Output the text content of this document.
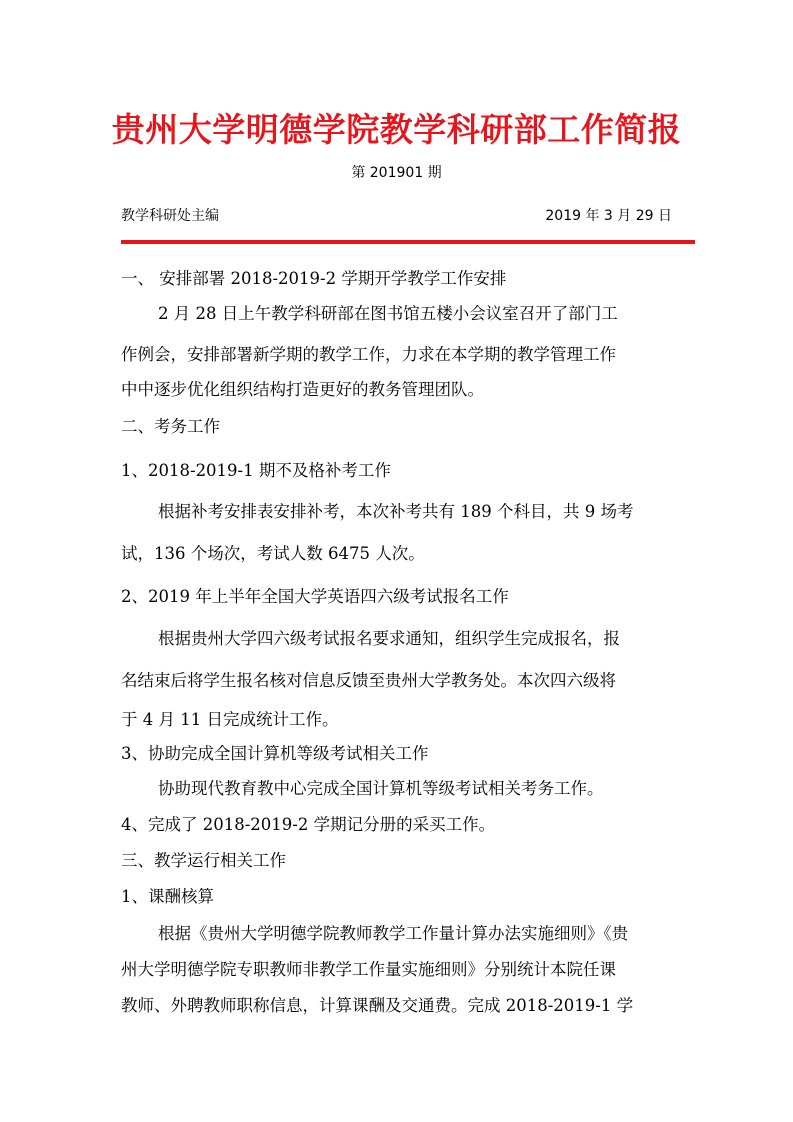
贵州大学明德学院教学科研部工作简报
第 201901 期
教学科研处主编	2019 年 3 月 29 日
一、 安排部署 2018-2019-2 学期开学教学工作安排
2 月 28 日上午教学科研部在图书馆五楼小会议室召开了部门工
作例会，安排部署新学期的教学工作，力求在本学期的教学管理工作
中中逐步优化组织结构打造更好的教务管理团队。
二、考务工作
1、2018-2019-1 期不及格补考工作
根据补考安排表安排补考，本次补考共有 189 个科目，共 9 场考
试，136 个场次，考试人数 6475 人次。
2、2019 年上半年全国大学英语四六级考试报名工作
根据贵州大学四六级考试报名要求通知，组织学生完成报名，报
名结束后将学生报名核对信息反馈至贵州大学教务处。本次四六级将
于 4 月 11 日完成统计工作。
3、协助完成全国计算机等级考试相关工作
协助现代教育教中心完成全国计算机等级考试相关考务工作。
4、完成了 2018-2019-2 学期记分册的采买工作。
三、教学运行相关工作
1、课酬核算
根据《贵州大学明德学院教师教学工作量计算办法实施细则》《贵
州大学明德学院专职教师非教学工作量实施细则》分别统计本院任课
教师、外聘教师职称信息，计算课酬及交通费。完成 2018-2019-1 学
